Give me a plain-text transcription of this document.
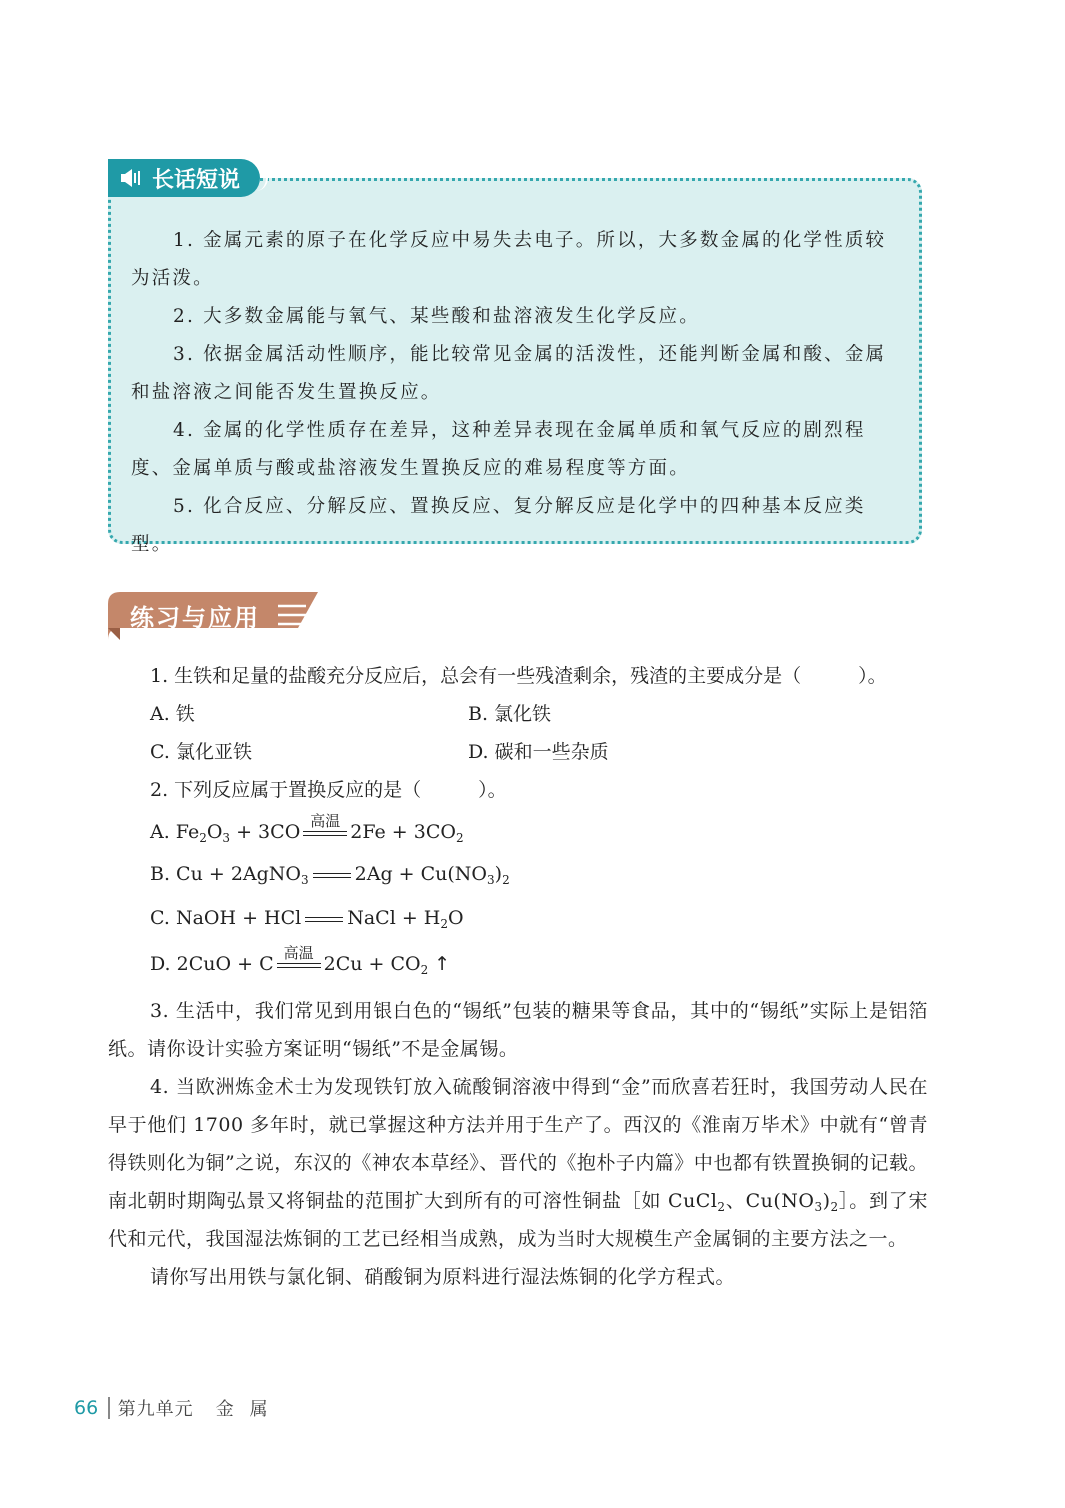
长话短说

1. 金属元素的原子在化学反应中易失去电子。所以，大多数金属的化学性质较为活泼。

2. 大多数金属能与氧气、某些酸和盐溶液发生化学反应。

3. 依据金属活动性顺序，能比较常见金属的活泼性，还能判断金属和酸、金属和盐溶液之间能否发生置换反应。

4. 金属的化学性质存在差异，这种差异表现在金属单质和氧气反应的剧烈程度、金属单质与酸或盐溶液发生置换反应的难易程度等方面。

5. 化合反应、分解反应、置换反应、复分解反应是化学中的四种基本反应类型。

练习与应用
1. 生铁和足量的盐酸充分反应后，总会有一些残渣剩余，残渣的主要成分是（　　　）。
A. 铁	B. 氯化铁
C. 氯化亚铁	D. 碳和一些杂质
2. 下列反应属于置换反应的是（　　　）。
A. $Fe_2O_3 + 3CO$
高温
$2Fe + 3CO_2$
B. Cu + 2AgNO$_3$ $2Ag + Cu(NO_3)_2$
C. NaOH + HCl NaCl + $H_2O$
D. 2CuO + C
高温
$2Cu + CO_2$ ↑

3. 生活中，我们常见到用银白色的“锡纸”包装的糖果等食品，其中的“锡纸”实际上是铝箔纸。请你设计实验方案证明“锡纸”不是金属锡。

4. 当欧洲炼金术士为发现铁钉放入硫酸铜溶液中得到“金”而欣喜若狂时，我国劳动人民在早于他们 1700 多年时，就已掌握这种方法并用于生产了。西汉的《淮南万毕术》中就有“曾青得铁则化为铜”之说，东汉的《神农本草经》、晋代的《抱朴子内篇》中也都有铁置换铜的记载。南北朝时期陶弘景又将铜盐的范围扩大到所有的可溶性铜盐［如 CuCl$_2$、$Cu(NO_3)_2]$。到了宋代和元代，我国湿法炼铜的工艺已经相当成熟，成为当时大规模生产金属铜的主要方法之一。

请你写出用铁与氯化铜、硝酸铜为原料进行湿法炼铜的化学方程式。

66 第九单元 金属
